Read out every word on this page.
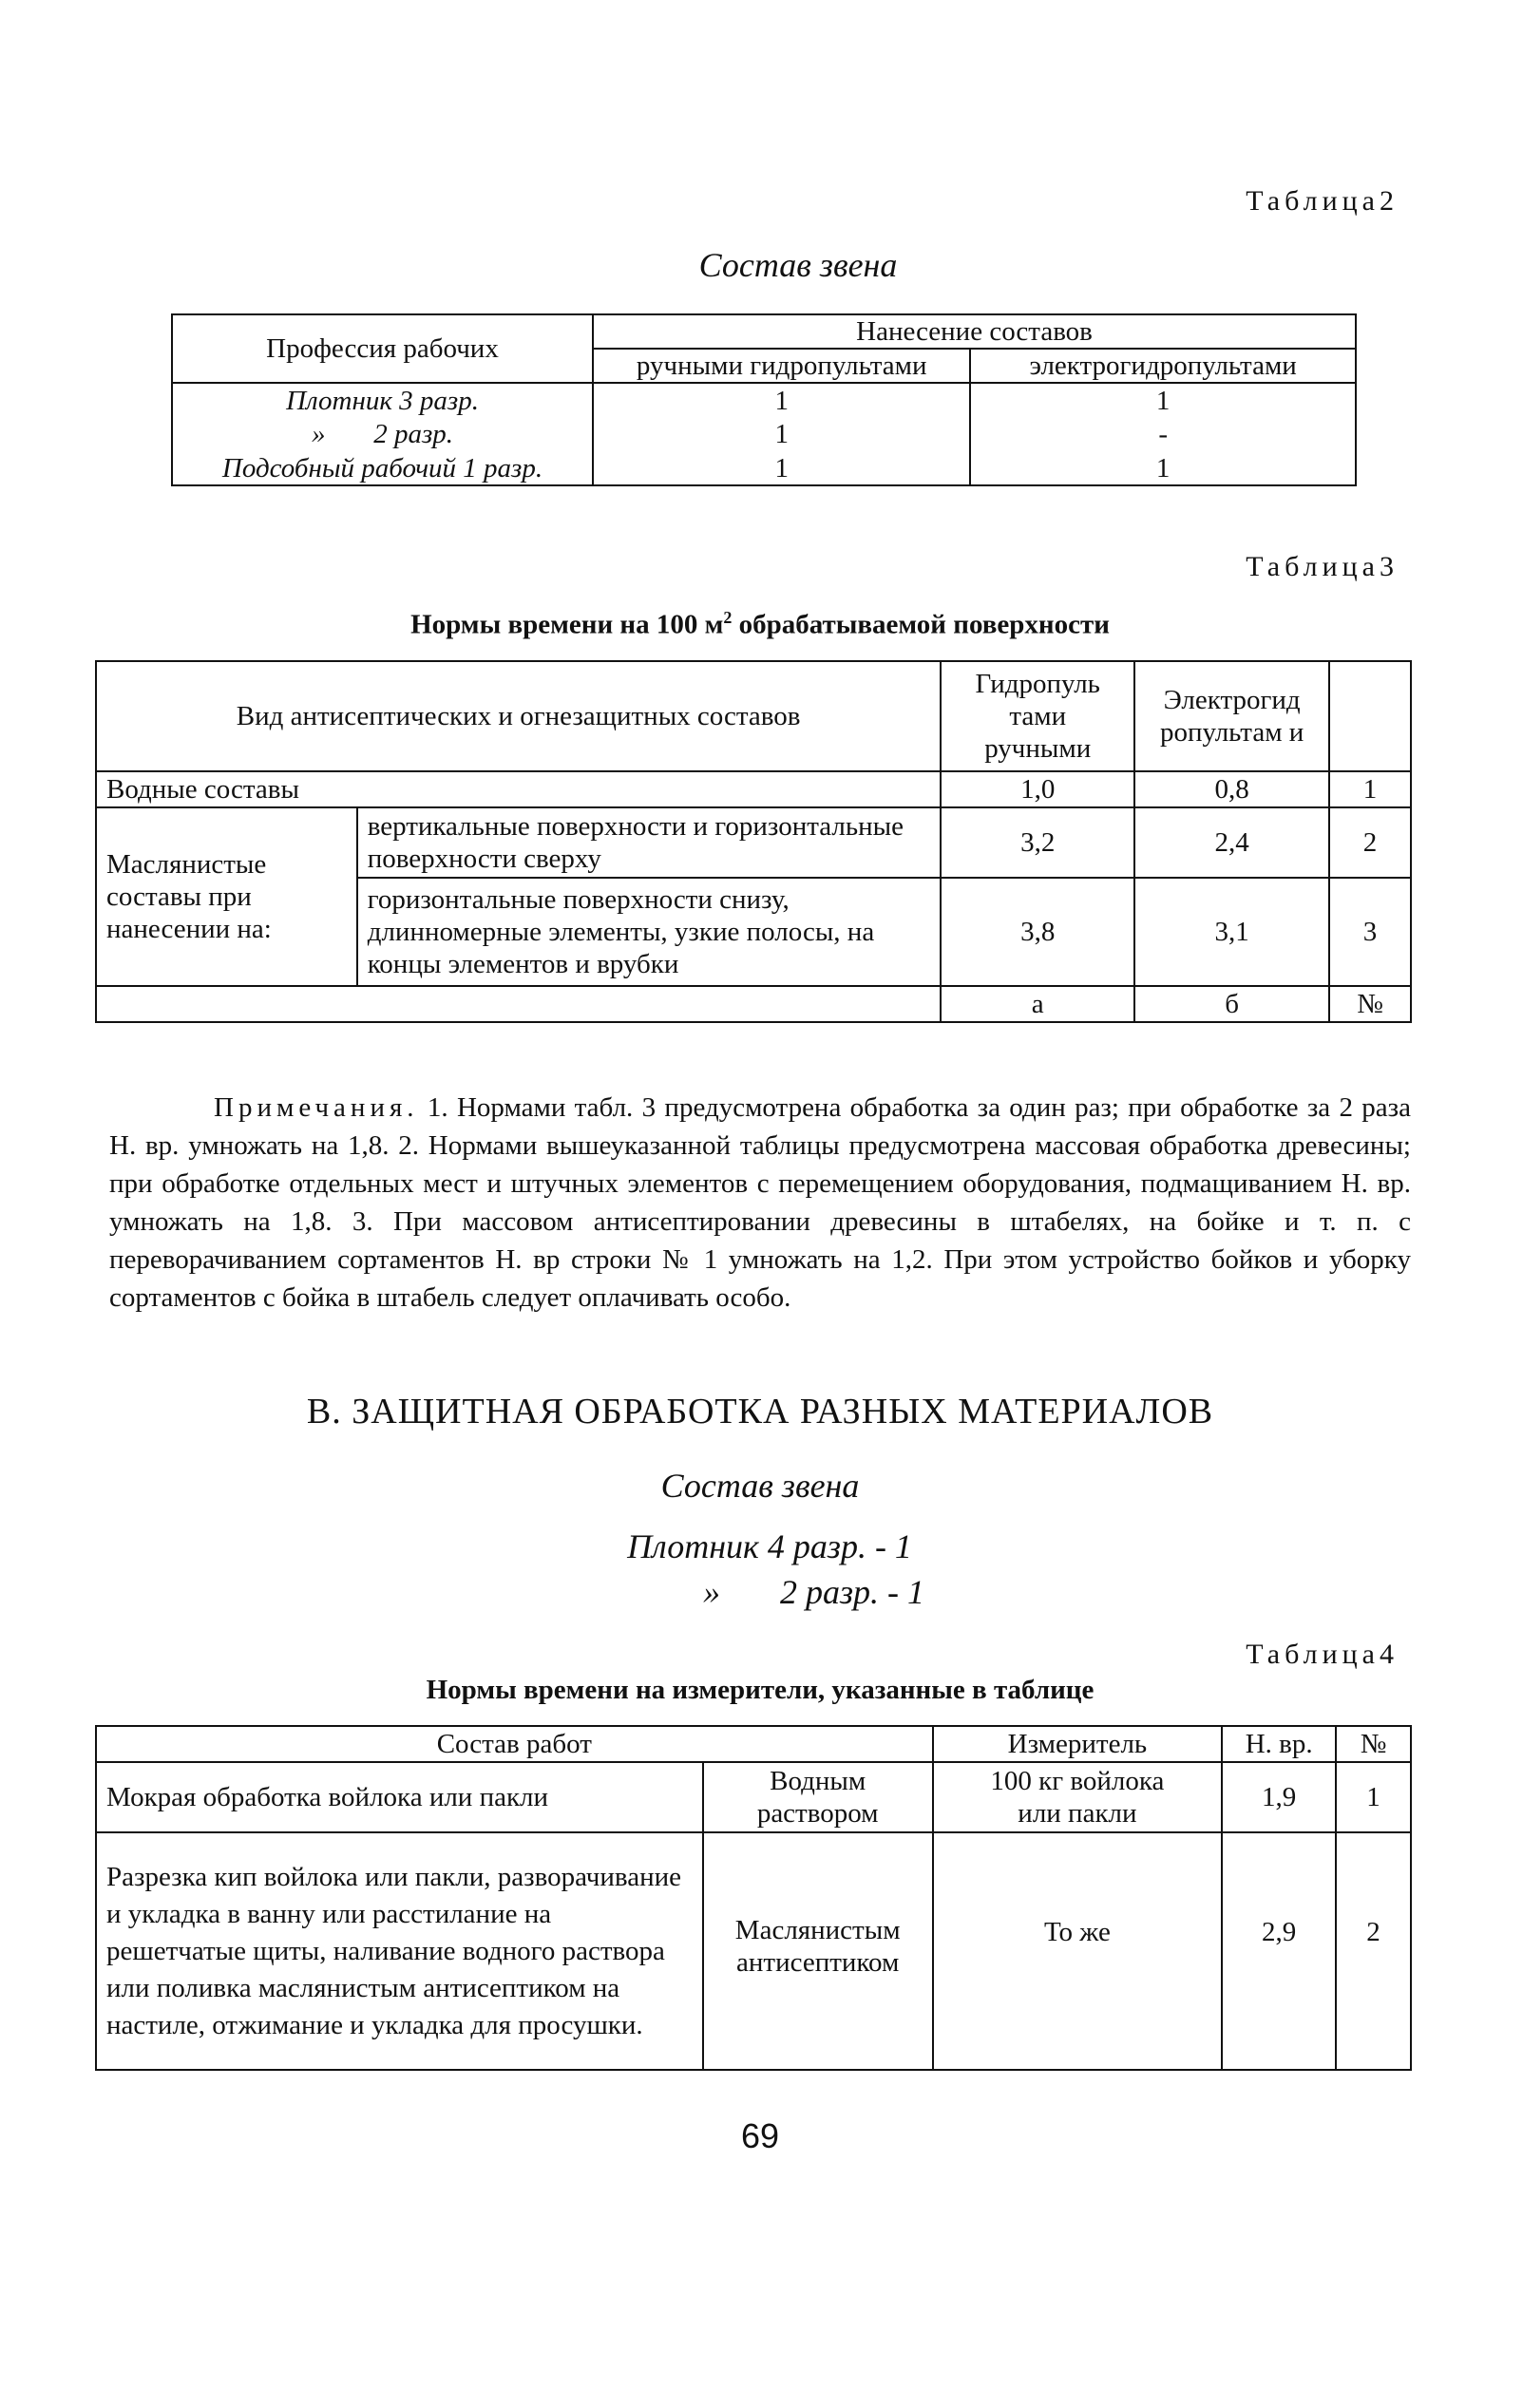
Таблица2
Состав звена
Профессия рабочих	Нанесение составов	
	ручными гидропультами	электрогидропультами
Плотник 3 разр.	1	1
»       2 разр.	1	-
Подсобный рабочий 1 разр.	1	1
Таблица3
Нормы времени на 100 $м^2$ обрабатываемой поверхности
Вид антисептических и огнезащитных составов		Гидропуль тами ручными	Электрогид ропультам и	
Водные составы		1,0	0,8	1
Маслянистые составы при нанесении на:	вертикальные поверхности и горизонтальные поверхности сверху	3,2	2,4	2
	горизонтальные поверхности снизу, длинномерные элементы, узкие полосы, на концы элементов и врубки	3,8	3,1	3
		а	б	№
Примечания. 1. Нормами табл. 3 предусмотрена обработка за один раз; при обработке за 2 раза Н. вр. умножать на 1,8. 2. Нормами вышеуказанной таблицы предусмотрена массовая обработка древесины; при обработке отдельных мест и штучных элементов с перемещением оборудования, подмащиванием Н. вр. умножать на 1,8. 3. При массовом антисептировании древесины в штабелях, на бойке и т. п. с переворачиванием сортаментов Н. вр строки № 1 умножать на 1,2. При этом устройство бойков и уборку сортаментов с бойка в штабель следует оплачивать особо.
В. ЗАЩИТНАЯ ОБРАБОТКА РАЗНЫХ МАТЕРИАЛОВ
Состав звена
Плотник 4 разр. - 1
»       2 разр. - 1
Таблица4
Нормы времени на измерители, указанные в таблице
Состав работ		Измеритель	Н. вр.	№
Мокрая обработка войлока или пакли	Водным раствором	100 кг войлока или пакли	1,9	1
Разрезка кип войлока или пакли, разворачивание и укладка в ванну или расстилание на решетчатые щиты, наливание водного раствора или поливка маслянистым антисептиком на настиле, отжимание и укладка для просушки.	Маслянистым антисептиком	То же	2,9	2
69
